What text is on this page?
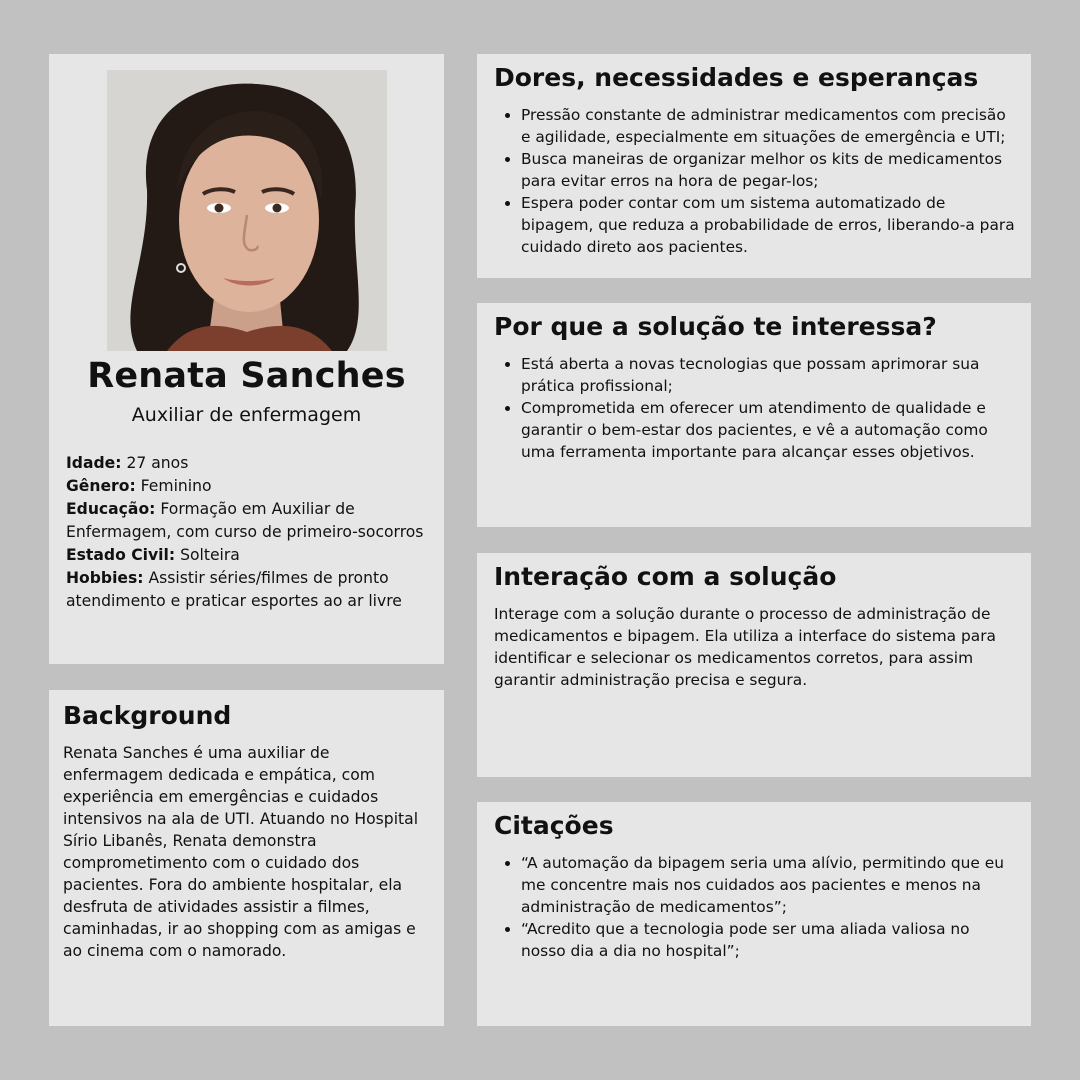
Renata Sanches
Auxiliar de enfermagem

Idade: 27 anos

Gênero: Feminino

Educação: Formação em Auxiliar de Enfermagem, com curso de primeiro-socorros

Estado Civil: Solteira

Hobbies: Assistir séries/filmes de pronto atendimento e praticar esportes ao ar livre

Background
Renata Sanches é uma auxiliar de enfermagem dedicada e empática, com experiência em emergências e cuidados intensivos na ala de UTI. Atuando no Hospital Sírio Libanês, Renata demonstra comprometimento com o cuidado dos pacientes. Fora do ambiente hospitalar, ela desfruta de atividades assistir a filmes, caminhadas, ir ao shopping com as amigas e ao cinema com o namorado.
Dores, necessidades e esperanças
Pressão constante de administrar medicamentos com precisão e agilidade, especialmente em situações de emergência e UTI;
Busca maneiras de organizar melhor os kits de medicamentos para evitar erros na hora de pegar-los;
Espera poder contar com um sistema automatizado de bipagem, que reduza a probabilidade de erros, liberando-a para cuidado direto aos pacientes.
Por que a solução te interessa?
Está aberta a novas tecnologias que possam aprimorar sua prática profissional;
Comprometida em oferecer um atendimento de qualidade e garantir o bem-estar dos pacientes, e vê a automação como uma ferramenta importante para alcançar esses objetivos.
Interação com a solução
Interage com a solução durante o processo de administração de medicamentos e bipagem. Ela utiliza a interface do sistema para identificar e selecionar os medicamentos corretos, para assim garantir administração precisa e segura.
Citações
“A automação da bipagem seria uma alívio, permitindo que eu me concentre mais nos cuidados aos pacientes e menos na administração de medicamentos”;
“Acredito que a tecnologia pode ser uma aliada valiosa no nosso dia a dia no hospital”;
